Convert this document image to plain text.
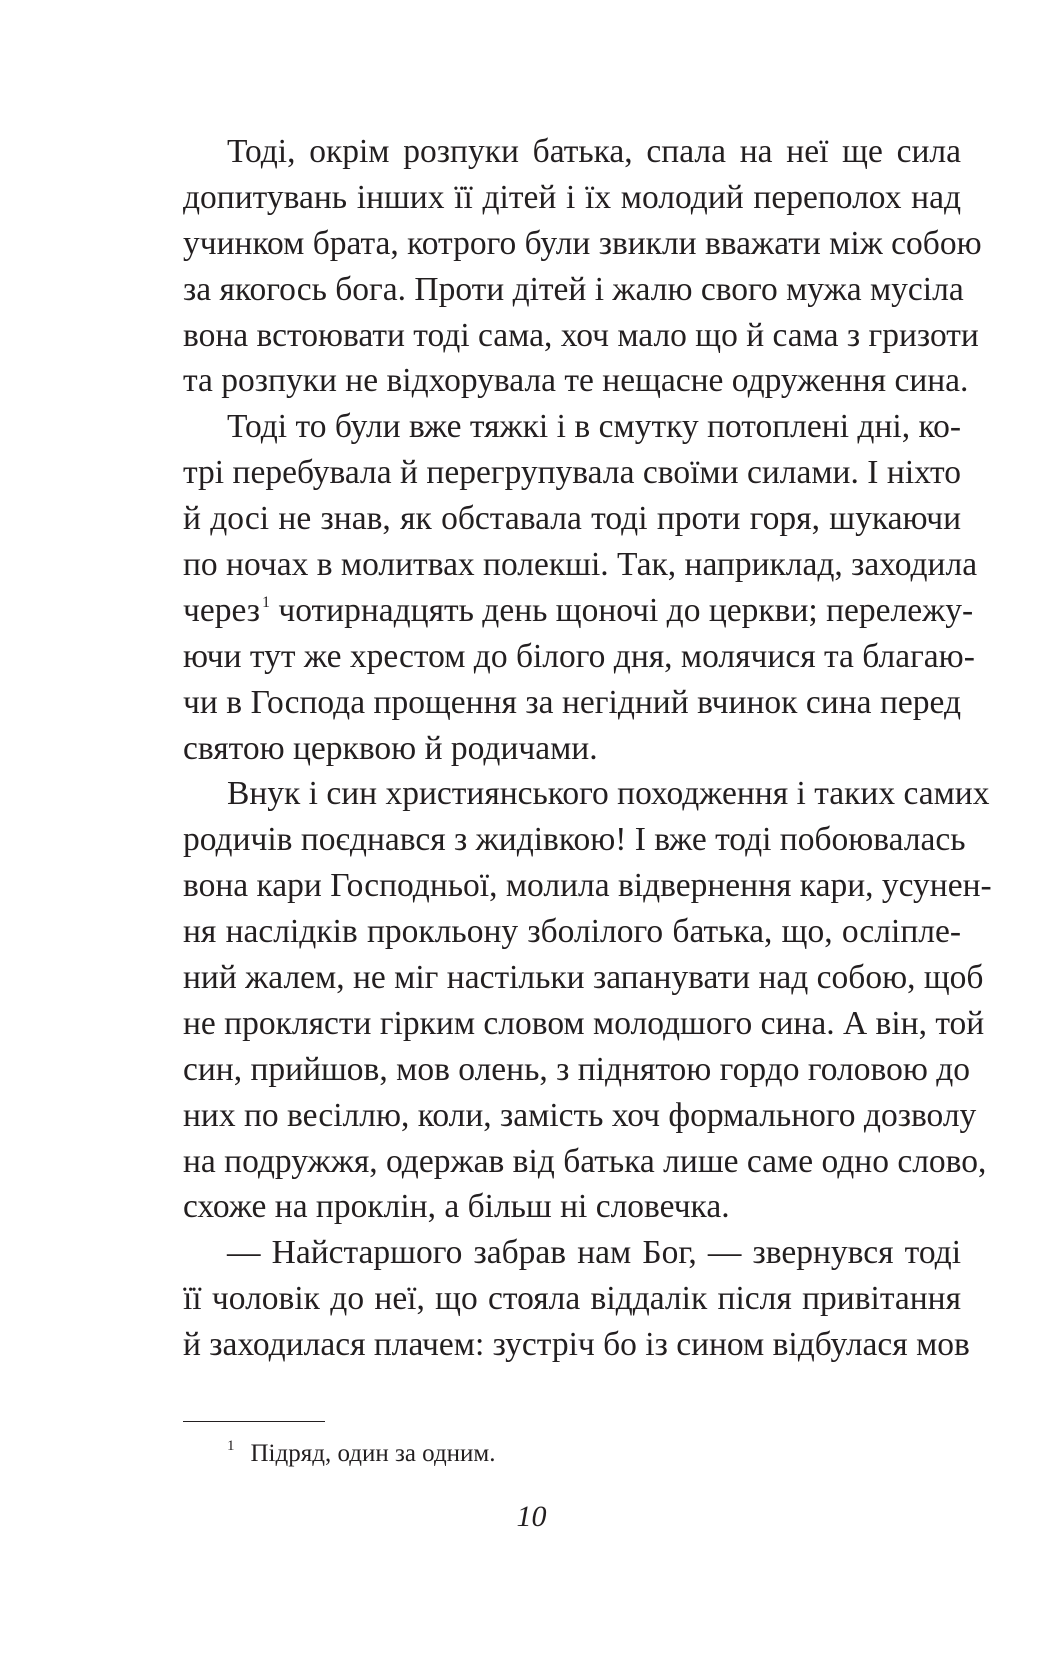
Тоді, окрім розпуки батька, спала на неї ще сила
допитувань інших її дітей і їх молодий переполох над
учинком брата, котрого були звикли вважати між собою
за якогось бога. Проти дітей і жалю свого мужа мусіла
вона встоювати тоді сама, хоч мало що й сама з гризоти
та розпуки не відхорувала те нещасне одруження сина.
Тоді то були вже тяжкі і в смутку потоплені дні, ко-
трі перебувала й перегрупувала своїми силами. І ніхто
й досі не знав, як обставала тоді проти горя, шукаючи
по ночах в молитвах полекші. Так, наприклад, заходила
через $^1$ чотирнадцять день щоночі до церкви; перележу-
ючи тут же хрестом до білого дня, молячися та благаю-
чи в Господа прощення за негідний вчинок сина перед
святою церквою й родичами.
Внук і син християнського походження і таких самих
родичів поєднався з жидівкою! І вже тоді побоювалась
вона кари Господньої, молила відвернення кари, усунен-
ня наслідків прокльону зболілого батька, що, осліпле-
ний жалем, не міг настільки запанувати над собою, щоб
не проклясти гірким словом молодшого сина. А він, той
син, прийшов, мов олень, з піднятою гордо головою до
них по весіллю, коли, замість хоч формального дозволу
на подружжя, одержав від батька лише саме одно слово,
схоже на проклін, а більш ні словечка.
— Найстаршого забрав нам Бог, — звернувся тоді
її чоловік до неї, що стояла віддалік після привітання
й заходилася плачем: зустріч бо із сином відбулася мов
$^1$ Підряд, один за одним.
10
